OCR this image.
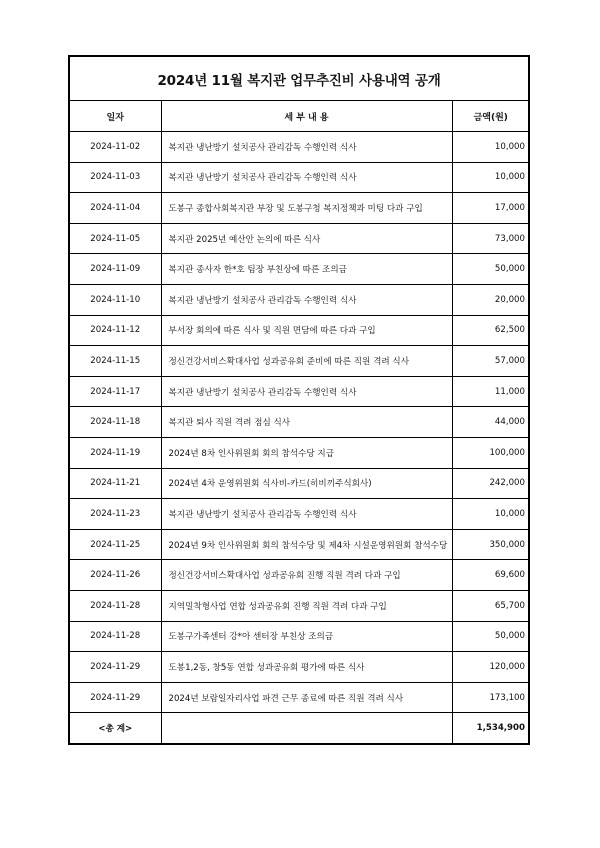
2024년 11월 복지관 업무추진비 사용내역 공개
일자	세 부 내 용	금액(원)
2024-11-02	복지관 냉난방기 설치공사 관리감독 수행인력 식사	10,000
2024-11-03	복지관 냉난방기 설치공사 관리감독 수행인력 식사	10,000
2024-11-04	도봉구 종합사회복지관 부장 및 도봉구청 복지정책과 미팅 다과 구입	17,000
2024-11-05	복지관 2025년 예산안 논의에 따른 식사	73,000
2024-11-09	복지관 종사자 한*호 팀장 부친상에 따른 조의금	50,000
2024-11-10	복지관 냉난방기 설치공사 관리감독 수행인력 식사	20,000
2024-11-12	부서장 회의에 따른 식사 및 직원 면담에 따른 다과 구입	62,500
2024-11-15	정신건강서비스확대사업 성과공유회 준비에 따른 직원 격려 식사	57,000
2024-11-17	복지관 냉난방기 설치공사 관리감독 수행인력 식사	11,000
2024-11-18	복지관 퇴사 직원 격려 점심 식사	44,000
2024-11-19	2024년 8차 인사위원회 회의 참석수당 지급	100,000
2024-11-21	2024년 4차 운영위원회 식사비-카드(히비끼주식회사)	242,000
2024-11-23	복지관 냉난방기 설치공사 관리감독 수행인력 식사	10,000
2024-11-25	2024년 9차 인사위원회 회의 참석수당 및 제4차 시설운영위원회 참석수당	350,000
2024-11-26	정신건강서비스확대사업 성과공유회 진행 직원 격려 다과 구입	69,600
2024-11-28	지역밀착형사업 연합 성과공유회 진행 직원 격려 다과 구입	65,700
2024-11-28	도봉구가족센터 강*아 센터장 부친상 조의금	50,000
2024-11-29	도봉1,2동, 창5동 연합 성과공유회 평가에 따른 식사	120,000
2024-11-29	2024년 보람일자리사업 파견 근무 종료에 따른 직원 격려 식사	173,100
<총 계>		1,534,900
